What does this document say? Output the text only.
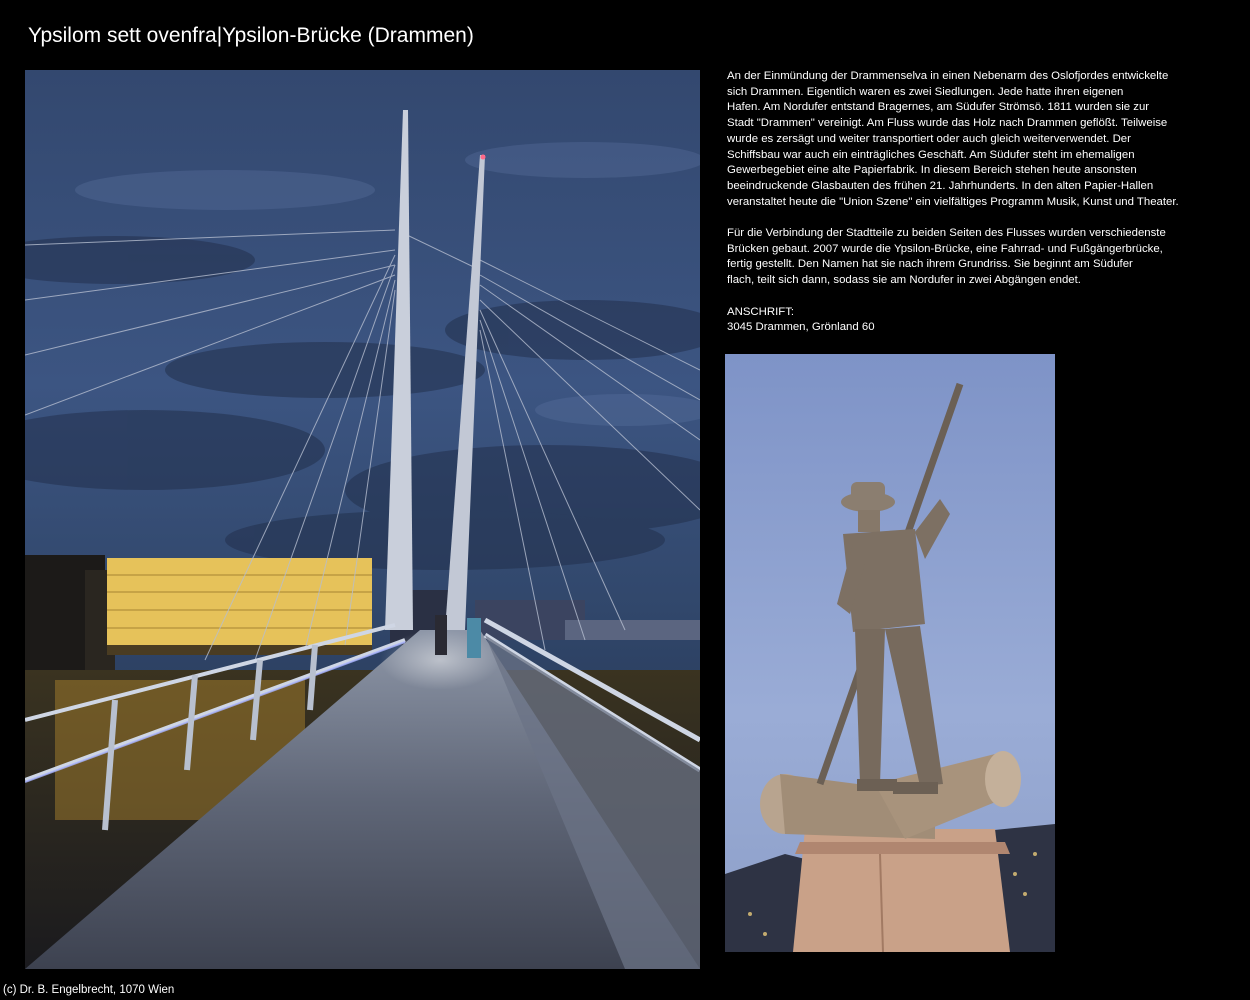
Ypsilom sett ovenfra|Ypsilon-Brücke (Drammen)
An der Einmündung der Drammenselva in einen Nebenarm des Oslofjordes entwickelte
sich Drammen. Eigentlich waren es zwei Siedlungen. Jede hatte ihren eigenen
Hafen. Am Nordufer entstand Bragernes, am Südufer Strömsö. 1811 wurden sie zur
Stadt "Drammen" vereinigt. Am Fluss wurde das Holz nach Drammen geflößt. Teilweise
wurde es zersägt und weiter transportiert oder auch gleich weiterverwendet. Der
Schiffsbau war auch ein einträgliches Geschäft. Am Südufer steht im ehemaligen
Gewerbegebiet eine alte Papierfabrik. In diesem Bereich stehen heute ansonsten
beeindruckende Glasbauten des frühen 21. Jahrhunderts. In den alten Papier-Hallen
veranstaltet heute die "Union Szene" ein vielfältiges Programm Musik, Kunst und Theater.
Für die Verbindung der Stadtteile zu beiden Seiten des Flusses wurden verschiedenste
Brücken gebaut. 2007 wurde die Ypsilon-Brücke, eine Fahrrad- und Fußgängerbrücke,
fertig gestellt. Den Namen hat sie nach ihrem Grundriss. Sie beginnt am Südufer
flach, teilt sich dann, sodass sie am Nordufer in zwei Abgängen endet.
ANSCHRIFT:
3045 Drammen, Grönland 60
(c) Dr. B. Engelbrecht, 1070 Wien
